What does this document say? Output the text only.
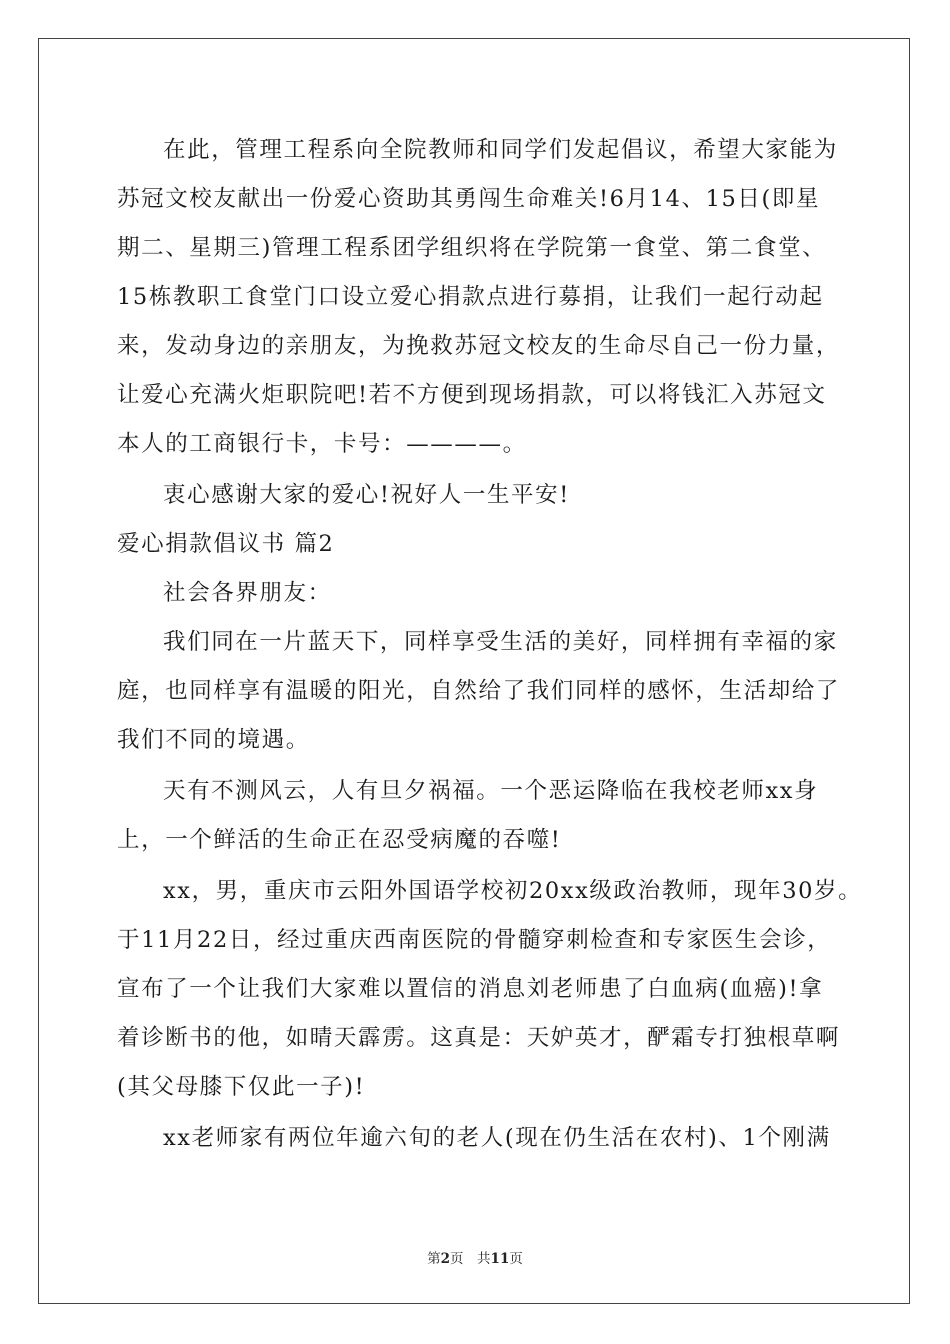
在此，管理工程系向全院教师和同学们发起倡议，希望大家能为
苏冠文校友献出一份爱心资助其勇闯生命难关!6月14、15日(即星
期二、星期三)管理工程系团学组织将在学院第一食堂、第二食堂、
15栋教职工食堂门口设立爱心捐款点进行募捐，让我们一起行动起
来，发动身边的亲朋友，为挽救苏冠文校友的生命尽自己一份力量，
让爱心充满火炬职院吧!若不方便到现场捐款，可以将钱汇入苏冠文
本人的工商银行卡，卡号：————。
衷心感谢大家的爱心!祝好人一生平安!
爱心捐款倡议书 篇2
社会各界朋友：
我们同在一片蓝天下，同样享受生活的美好，同样拥有幸福的家
庭，也同样享有温暖的阳光，自然给了我们同样的感怀，生活却给了
我们不同的境遇。
天有不测风云，人有旦夕祸福。一个恶运降临在我校老师xx身
上，一个鲜活的生命正在忍受病魔的吞噬!
xx，男，重庆市云阳外国语学校初20xx级政治教师，现年30岁。
于11月22日，经过重庆西南医院的骨髓穿刺检查和专家医生会诊，
宣布了一个让我们大家难以置信的消息刘老师患了白血病(血癌)!拿
着诊断书的他，如晴天霹雳。这真是：天妒英才，酽霜专打独根草啊
(其父母膝下仅此一子)!
xx老师家有两位年逾六旬的老人(现在仍生活在农村)、1个刚满
第2页　共11页
